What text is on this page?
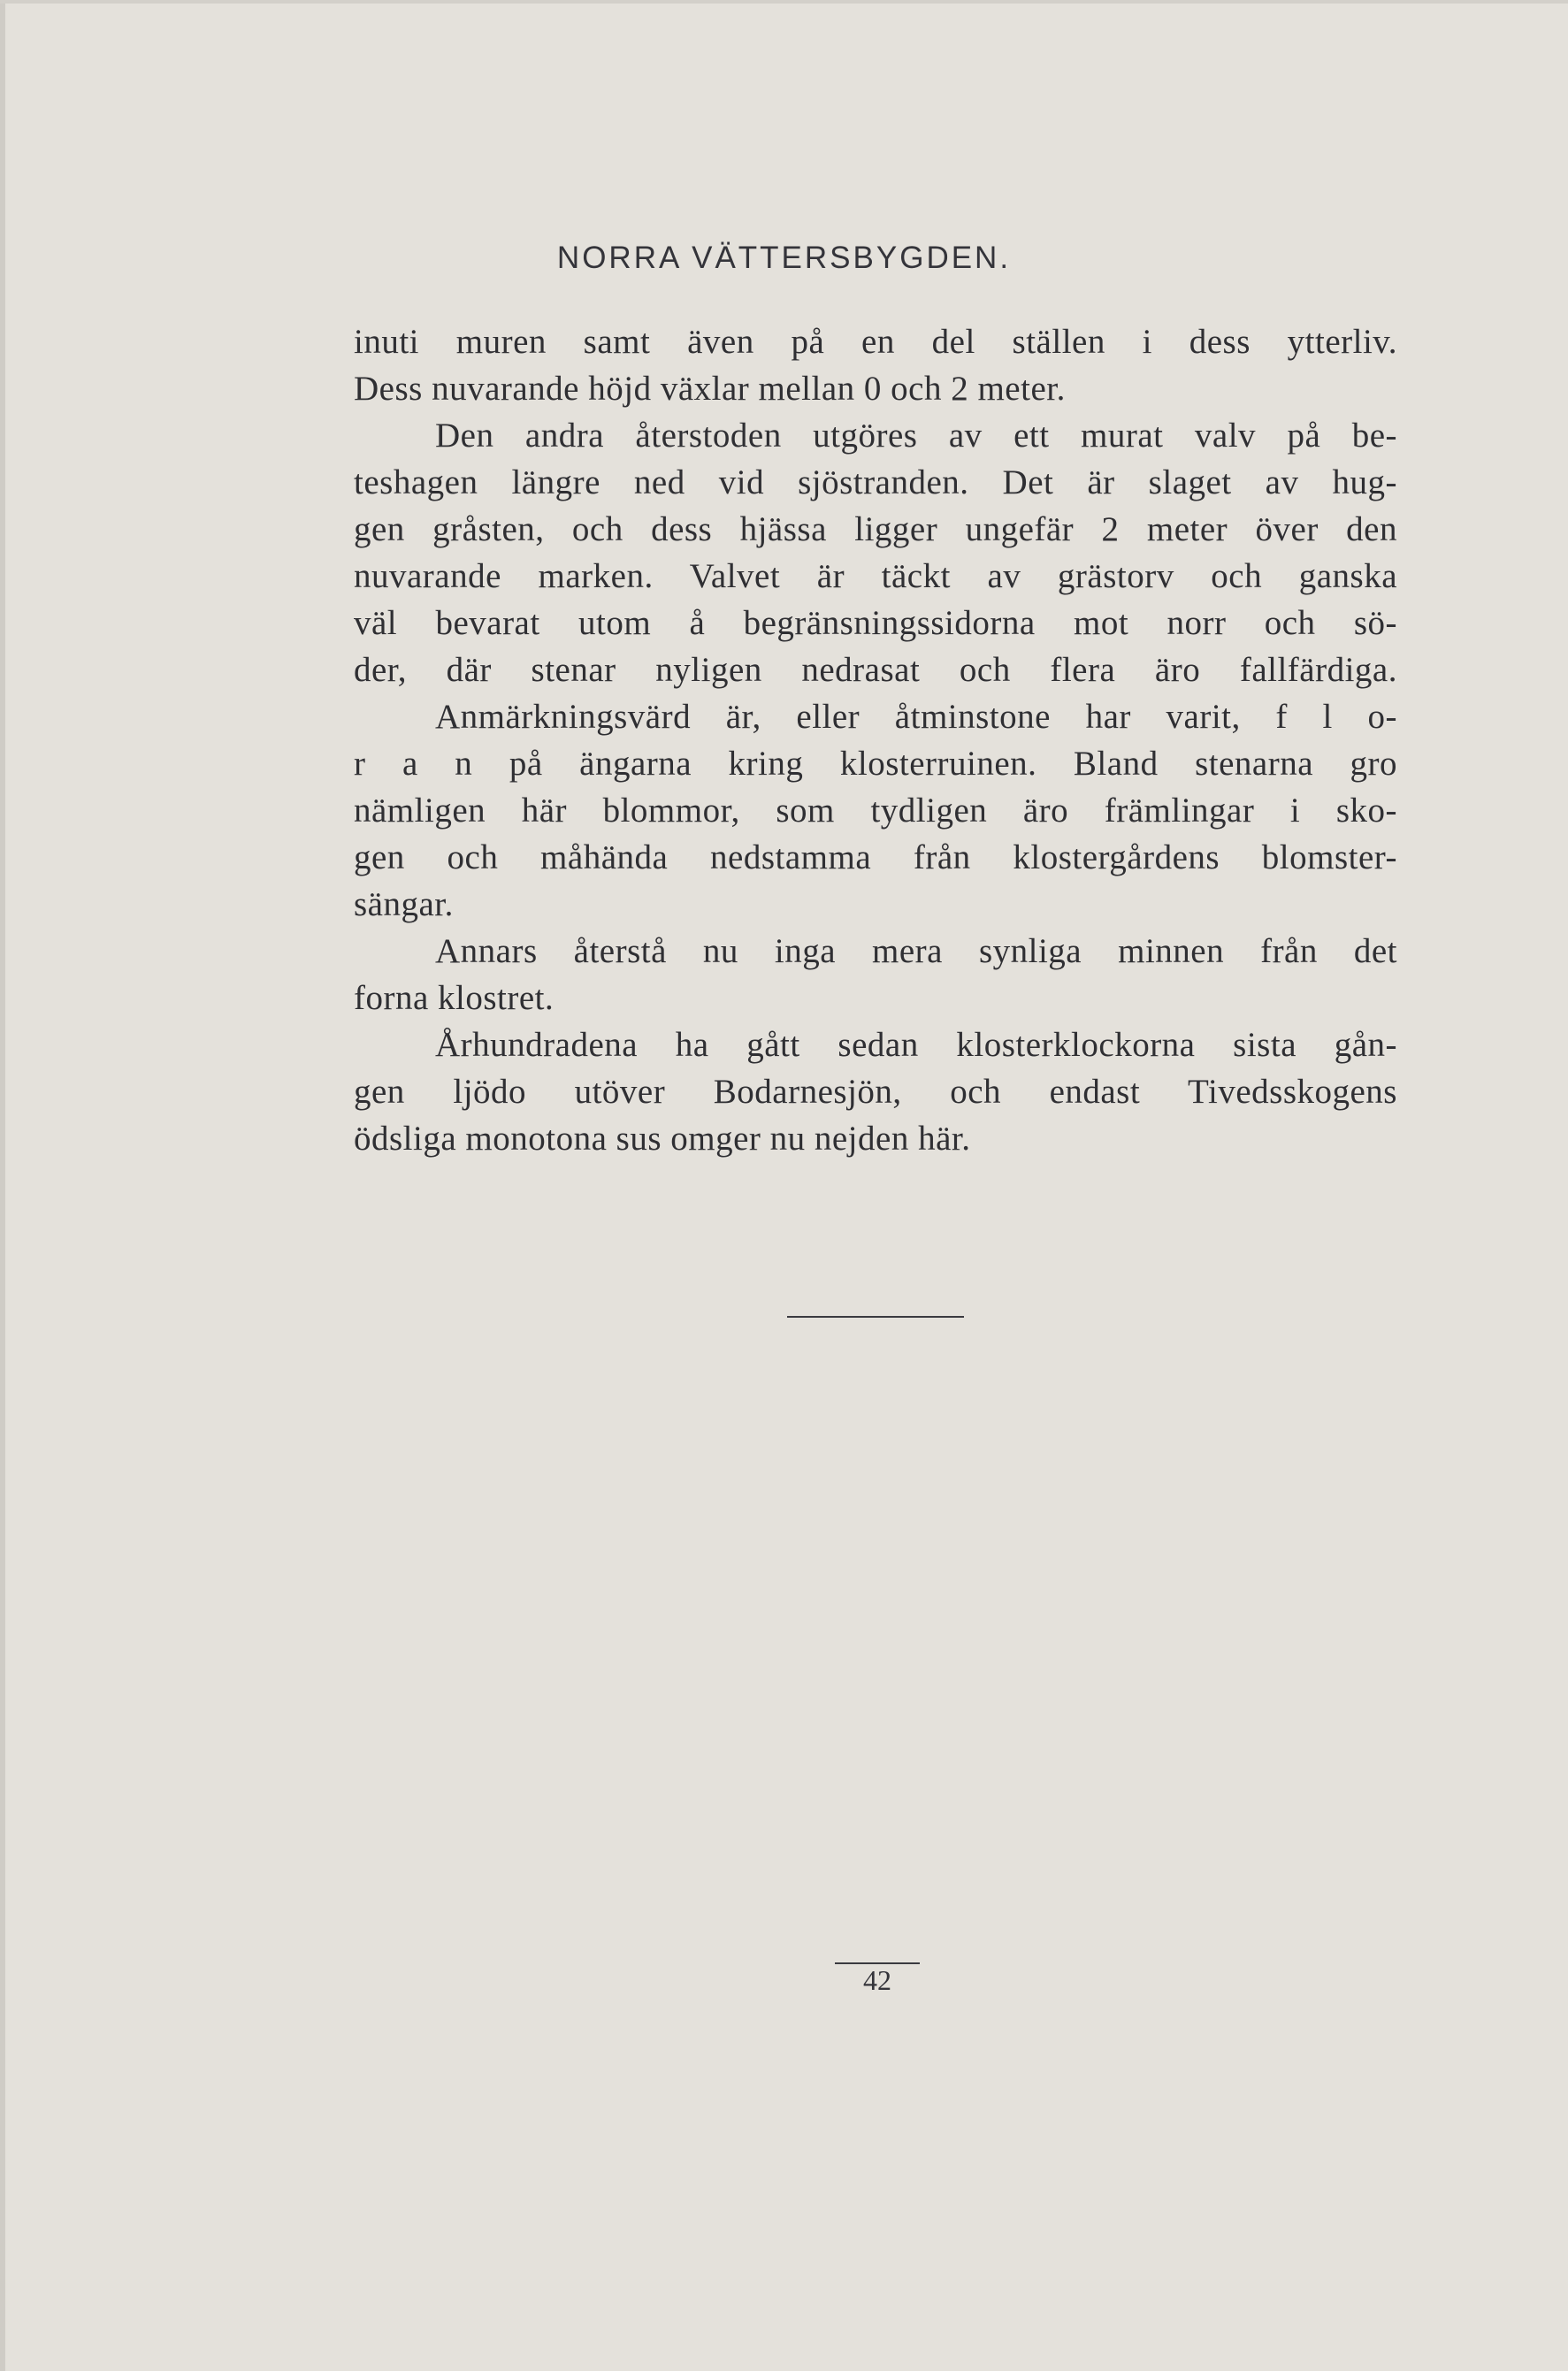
NORRA VÄTTERSBYGDEN.
inuti muren samt även på en del ställen i dess ytterliv.
Dess nuvarande höjd växlar mellan 0 och 2 meter.
Den andra återstoden utgöres av ett murat valv på be-
teshagen längre ned vid sjöstranden. Det är slaget av hug-
gen gråsten, och dess hjässa ligger ungefär 2 meter över den
nuvarande marken. Valvet är täckt av grästorv och ganska
väl bevarat utom å begränsningssidorna mot norr och sö-
der, där stenar nyligen nedrasat och flera äro fallfärdiga.
Anmärkningsvärd är, eller åtminstone har varit, f l o-
r a n på ängarna kring klosterruinen. Bland stenarna gro
nämligen här blommor, som tydligen äro främlingar i sko-
gen och måhända nedstamma från klostergårdens blomster-
sängar.
Annars återstå nu inga mera synliga minnen från det
forna klostret.
Århundradena ha gått sedan klosterklockorna sista gån-
gen ljödo utöver Bodarnesjön, och endast Tivedsskogens
ödsliga monotona sus omger nu nejden här.
42
